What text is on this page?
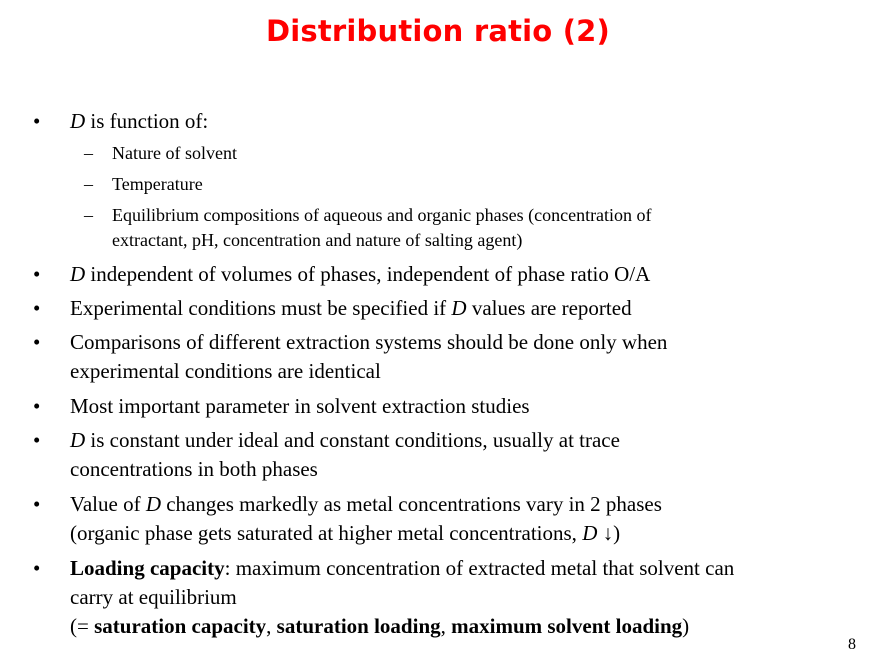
Distribution ratio (2)
• D is function of:
– Nature of solvent
– Temperature
– Equilibrium compositions of aqueous and organic phases (concentration of
extractant, pH, concentration and nature of salting agent)
• D independent of volumes of phases, independent of phase ratio O/A
• Experimental conditions must be specified if D values are reported
• Comparisons of different extraction systems should be done only when
experimental conditions are identical
• Most important parameter in solvent extraction studies
• D is constant under ideal and constant conditions, usually at trace
concentrations in both phases
• Value of D changes markedly as metal concentrations vary in 2 phases
(organic phase gets saturated at higher metal concentrations, D ↓)
• Loading capacity: maximum concentration of extracted metal that solvent can
carry at equilibrium
(= saturation capacity, saturation loading, maximum solvent loading)
8
